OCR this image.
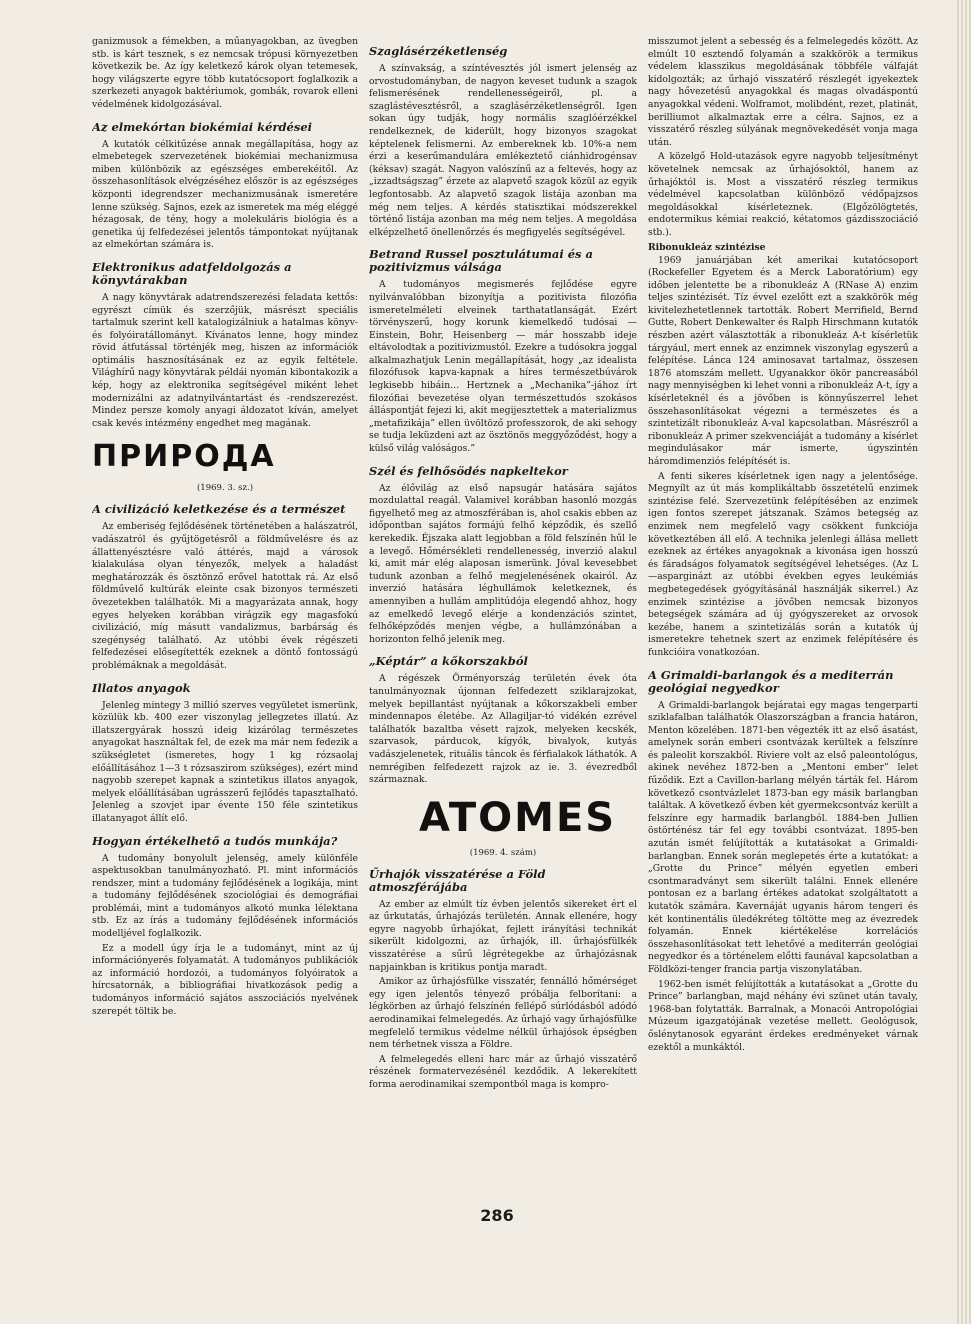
ganizmusok a fémekben, a műanyagokban, az üvegben stb. is kárt tesznek, s ez nemcsak trópusi környezetben következik be. Az így keletkező károk olyan tetemesek, hogy világszerte egyre több kutatócsoport foglalkozik a szerkezeti anyagok baktériumok, gombák, rovarok elleni védelmének kidolgozásával.

Az elmekórtan biokémiai kérdései

A kutatók célkitűzése annak megállapítása, hogy az elmebetegek szervezetének biokémiai mechanizmusa miben különbözik az egészséges emberekéitől. Az összehasonlítások elvégzéséhez először is az egészséges központi idegrendszer mechanizmusának ismeretére lenne szükség. Sajnos, ezek az ismeretek ma még eléggé hézagosak, de tény, hogy a molekuláris biológia és a genetika új felfedezései jelentős támpontokat nyújtanak az elmekórtan számára is.

Elektronikus adatfeldolgozás a könyvtárakban

A nagy könyvtárak adatrendszerezési feladata kettős: egyrészt címük és szerzőjük, másrészt speciális tartalmuk szerint kell katalogizálniuk a hatalmas könyv- és folyóiratállományt. Kívánatos lenne, hogy mindez rövid átfutással történjék meg, hiszen az információk optimális hasznosításának ez az egyik feltétele. Világhírű nagy könyvtárak példái nyomán kibontakozik a kép, hogy az elektronika segítségével miként lehet modernizálni az adatnyilvántartást és -rendszerezést. Mindez persze komoly anyagi áldozatot kíván, amelyet csak kevés intézmény engedhet meg magának.

ПРИРОДА
(1969. 3. sz.)
A civilizáció keletkezése és a természet

Az emberiség fejlődésének történetében a halászatról, vadászatról és gyűjtögetésről a földművelésre és az állattenyésztésre való áttérés, majd a városok kialakulása olyan tényezők, melyek a haladást meghatározzák és ösztönző erővel hatottak rá. Az első földművelő kultúrák eleinte csak bizonyos természeti övezetekben találhatók. Mi a magyarázata annak, hogy egyes helyeken korábban virágzik egy magasfokú civilizáció, míg másutt vandalizmus, barbárság és szegénység található. Az utóbbi évek régészeti felfedezései elősegítették ezeknek a döntő fontosságú problémáknak a megoldását.

Illatos anyagok

Jelenleg mintegy 3 millió szerves vegyületet ismerünk, közülük kb. 400 ezer viszonylag jellegzetes illatú. Az illatszergyárak hosszú ideig kizárólag természetes anyagokat használtak fel, de ezek ma már nem fedezik a szükségletet (ismeretes, hogy 1 kg rózsaolaj előállításához 1—3 t rózsaszirom szükséges), ezért mind nagyobb szerepet kapnak a szintetikus illatos anyagok, melyek előállításában ugrásszerű fejlődés tapasztalható. Jelenleg a szovjet ipar évente 150 féle szintetikus illatanyagot állít elő.

Hogyan értékelhető a tudós munkája?

A tudomány bonyolult jelenség, amely különféle aspektusokban tanulmányozható. Pl. mint információs rendszer, mint a tudomány fejlődésének a logikája, mint a tudomány fejlődésének szociológiai és demográfiai problémái, mint a tudományos alkotó munka lélektana stb. Ez az írás a tudomány fejlődésének információs modelljével foglalkozik.

Ez a modell úgy írja le a tudományt, mint az új információnyerés folyamatát. A tudományos publikációk az információ hordozói, a tudományos folyóiratok a hírcsatornák, a bibliográfiai hivatkozások pedig a tudományos információ sajátos asszociációs nyelvének szerepét töltik be.

Szaglásérzéketlenség

A színvakság, a színtévesztés jól ismert jelenség az orvostudományban, de nagyon keveset tudunk a szagok felismerésének rendellenességeiről, pl. a szaglástévesztésről, a szaglásérzéketlenségről. Igen sokan úgy tudják, hogy normális szaglóérzékkel rendelkeznek, de kiderült, hogy bizonyos szagokat képtelenek felismerni. Az embereknek kb. 10%-a nem érzi a keserűmandulára emlékeztető ciánhidrogénsav (kéksav) szagát. Nagyon valószínű az a feltevés, hogy az „izzadtságszag” érzete az alapvető szagok közül az egyik legfontosabb. Az alapvető szagok listája azonban ma még nem teljes. A kérdés statisztikai módszerekkel történő listája azonban ma még nem teljes. A megoldása elképzelhető önellenőrzés és megfigyelés segítségével.

Betrand Russel posztulátumai és a pozitivizmus válsága

A tudományos megismerés fejlődése egyre nyilvánvalóbban bizonyítja a pozitivista filozófia ismeretelméleti elveinek tarthatatlanságát. Ezért törvényszerű, hogy korunk kiemelkedő tudósai — Einstein, Bohr, Heisenberg — már hosszabb ideje eltávolodtak a pozitivizmustól. Ezekre a tudósokra joggal alkalmazhatjuk Lenin megállapítását, hogy „az idealista filozófusok kapva-kapnak a híres természetbúvárok legkisebb hibáin… Hertznek a „Mechanika”-jához írt filozófiai bevezetése olyan természettudós szokásos álláspontját fejezi ki, akit megijesztettek a materializmus „metafizikája” ellen üvöltöző professzorok, de aki sehogy se tudja leküzdeni azt az ösztönös meggyőződést, hogy a külső világ valóságos.”

Szél és felhősödés napkeltekor

Az élővilág az első napsugár hatására sajátos mozdulattal reagál. Valamivel korábban hasonló mozgás figyelhető meg az atmoszférában is, ahol csakis ebben az időpontban sajátos formájú felhő képződik, és szellő kerekedik. Éjszaka alatt legjobban a föld felszínén hűl le a levegő. Hőmérsékleti rendellenesség, inverzió alakul ki, amit már elég alaposan ismerünk. Jóval kevesebbet tudunk azonban a felhő megjelenésének okairól. Az inverzió hatására léghullámok keletkeznek, és amennyiben a hullám amplitúdója elegendő ahhoz, hogy az emelkedő levegő elérje a kondenzációs szintet, felhőképződés menjen végbe, a hullámzónában a horizonton felhő jelenik meg.

„Képtár” a kőkorszakból

A régészek Örményország területén évek óta tanulmányoznak újonnan felfedezett sziklarajzokat, melyek bepillantást nyújtanak a kőkorszakbeli ember mindennapos életébe. Az Allagiljar-tó vidékén ezrével találhatók bazaltba vésett rajzok, melyeken kecskék, szarvasok, párducok, kígyók, bivalyok, kutyás vadászjelenetek, rituális táncok és férfialakok láthatók. A nemrégiben felfedezett rajzok az ie. 3. évezredből származnak.

ATOMES
(1969. 4. szám)
Űrhajók visszatérése a Föld atmoszférájába

Az ember az elmúlt tíz évben jelentős sikereket ért el az űrkutatás, űrhajózás területén. Annak ellenére, hogy egyre nagyobb űrhajókat, fejlett irányítási technikát sikerült kidolgozni, az űrhajók, ill. űrhajósfülkék visszatérése a sűrű légrétegekbe az űrhajózásnak napjainkban is kritikus pontja maradt.

Amikor az űrhajósfülke visszatér, fennálló hőmérséget egy igen jelentős tényező próbálja felborítani: a légkörben az űrhajó felszínén fellépő súrlódásból adódó aerodinamikai felmelegedés. Az űrhajó vagy űrhajósfülke megfelelő termikus védelme nélkül űrhajósok épségben nem térhetnek vissza a Földre.

A felmelegedés elleni harc már az űrhajó visszatérő részének formatervezésénél kezdődik. A lekerekített forma aerodinamikai szempontból maga is kompro-

misszumot jelent a sebesség és a felmelegedés között. Az elmúlt 10 esztendő folyamán a szakkörök a termikus védelem klasszikus megoldásának többféle válfaját kidolgozták; az űrhajó visszatérő részlegét igyekeztek nagy hővezetésű anyagokkal és magas olvadáspontú anyagokkal védeni. Wolframot, molibdént, rezet, platinát, berilliumot alkalmaztak erre a célra. Sajnos, ez a visszatérő részleg súlyának megnövekedését vonja maga után.

A közelgő Hold-utazások egyre nagyobb teljesítményt követelnek nemcsak az űrhajósoktól, hanem az űrhajóktól is. Most a visszatérő részleg termikus védelmével kapcsolatban különböző védőpajzsos megoldásokkal kísérleteznek. (Elgőzölögtetés, endotermikus kémiai reakció, kétatomos gázdisszociáció stb.).

Ribonukleáz szintézise

1969 januárjában két amerikai kutatócsoport (Rockefeller Egyetem és a Merck Laboratórium) egy időben jelentette be a ribonukleáz A (RNase A) enzim teljes szintézisét. Tíz évvel ezelőtt ezt a szakkörök még kivitelezhetetlennek tartották. Robert Merrifield, Bernd Gutte, Robert Denkewalter és Ralph Hirschmann kutatók részben azért választották a ribonukleáz A-t kísérletük tárgyául, mert ennek az enzimnek viszonylag egyszerű a felépítése. Lánca 124 aminosavat tartalmaz, összesen 1876 atomszám mellett. Ugyanakkor ökör pancreasából nagy mennyiségben ki lehet vonni a ribonukleáz A-t, így a kísérleteknél és a jövőben is könnyűszerrel lehet összehasonlításokat végezni a természetes és a szintetizált ribonukleáz A-val kapcsolatban. Másrészről a ribonukleáz A primer szekvenciáját a tudomány a kísérlet megindulásakor már ismerte, úgyszintén háromdimenziós felépítését is.

A fenti sikeres kísérletnek igen nagy a jelentősége. Megnyílt az út más komplikáltabb összetételű enzimek szintézise felé. Szervezetünk felépítésében az enzimek igen fontos szerepet játszanak. Számos betegség az enzimek nem megfelelő vagy csökkent funkciója következtében áll elő. A technika jelenlegi állása mellett ezeknek az értékes anyagoknak a kivonása igen hosszú és fáradságos folyamatok segítségével lehetséges. (Az L—asparginázt az utóbbi években egyes leukémiás megbetegedések gyógyításánál használják sikerrel.) Az enzimek szintézise a jövőben nemcsak bizonyos betegségek számára ad új gyógyszereket az orvosok kezébe, hanem a szintetizálás során a kutatók új ismeretekre tehetnek szert az enzimek felépítésére és funkcióira vonatkozóan.

A Grimaldi-barlangok és a mediterrán geológiai negyedkor

A Grimaldi-barlangok bejáratai egy magas tengerparti sziklafalban találhatók Olaszországban a francia határon, Menton közelében. 1871-ben végezték itt az első ásatást, amelynek során emberi csontvázak kerültek a felszínre és paleolit korszakból. Riviere volt az első paleontológus, akinek nevéhez 1872-ben a „Mentoni ember” lelet fűződik. Ezt a Cavillon-barlang mélyén tárták fel. Három következő csontvázlelet 1873-ban egy másik barlangban találtak. A következő évben két gyermekcsontváz került a felszínre egy harmadik barlangból. 1884-ben Jullien östörténész tár fel egy további csontvázat. 1895-ben azután ismét felújították a kutatásokat a Grimaldi-barlangban. Ennek során meglepetés érte a kutatókat: a „Grotte du Prince” mélyén egyetlen emberi csontmaradványt sem sikerült találni. Ennek ellenére pontosan ez a barlang értékes adatokat szolgáltatott a kutatók számára. Kavernáját ugyanis három tengeri és két kontinentális üledékréteg töltötte meg az évezredek folyamán. Ennek kiértékelése korrelációs összehasonlításokat tett lehetővé a mediterrán geológiai negyedkor és a történelem előtti faunával kapcsolatban a Földközi-tenger francia partja viszonylatában.

1962-ben ismét felújították a kutatásokat a „Grotte du Prince” barlangban, majd néhány évi szünet után tavaly, 1968-ban folytatták. Barralnak, a Monacói Antropológiai Múzeum igazgatójának vezetése mellett. Geológusok, őslénytanosok egyaránt érdekes eredményeket várnak ezektől a munkáktól.

286
